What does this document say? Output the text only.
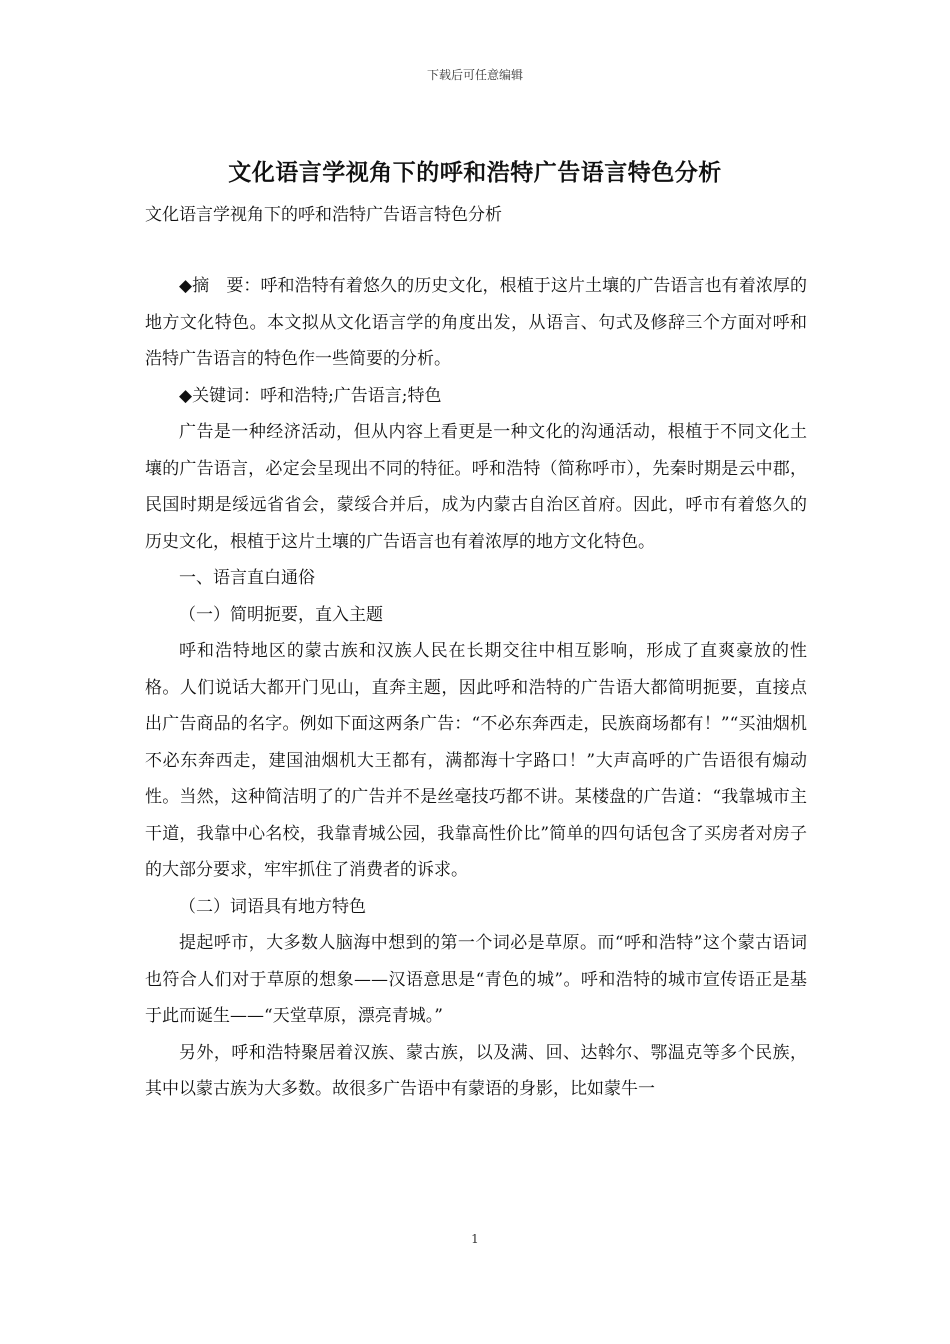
下载后可任意编辑
文化语言学视角下的呼和浩特广告语言特色分析
文化语言学视角下的呼和浩特广告语言特色分析

◆摘　要：呼和浩特有着悠久的历史文化，根植于这片土壤的广告语言也有着浓厚的地方文化特色。本文拟从文化语言学的角度出发，从语言、句式及修辞三个方面对呼和浩特广告语言的特色作一些简要的分析。

◆关键词：呼和浩特;广告语言;特色

广告是一种经济活动，但从内容上看更是一种文化的沟通活动，根植于不同文化土壤的广告语言，必定会呈现出不同的特征。呼和浩特（简称呼市），先秦时期是云中郡，民国时期是绥远省省会，蒙绥合并后，成为内蒙古自治区首府。因此，呼市有着悠久的历史文化，根植于这片土壤的广告语言也有着浓厚的地方文化特色。

一、语言直白通俗

（一）简明扼要，直入主题

呼和浩特地区的蒙古族和汉族人民在长期交往中相互影响，形成了直爽豪放的性格。人们说话大都开门见山，直奔主题，因此呼和浩特的广告语大都简明扼要，直接点出广告商品的名字。例如下面这两条广告：“不必东奔西走，民族商场都有！”“买油烟机不必东奔西走，建国油烟机大王都有，满都海十字路口！”大声高呼的广告语很有煽动性。当然，这种简洁明了的广告并不是丝毫技巧都不讲。某楼盘的广告道：“我靠城市主干道，我靠中心名校，我靠青城公园，我靠高性价比”简单的四句话包含了买房者对房子的大部分要求，牢牢抓住了消费者的诉求。

（二）词语具有地方特色

提起呼市，大多数人脑海中想到的第一个词必是草原。而“呼和浩特”这个蒙古语词也符合人们对于草原的想象——汉语意思是“青色的城”。呼和浩特的城市宣传语正是基于此而诞生——“天堂草原，漂亮青城。”

另外，呼和浩特聚居着汉族、蒙古族，以及满、回、达斡尔、鄂温克等多个民族，其中以蒙古族为大多数。故很多广告语中有蒙语的身影，比如蒙牛一

1
